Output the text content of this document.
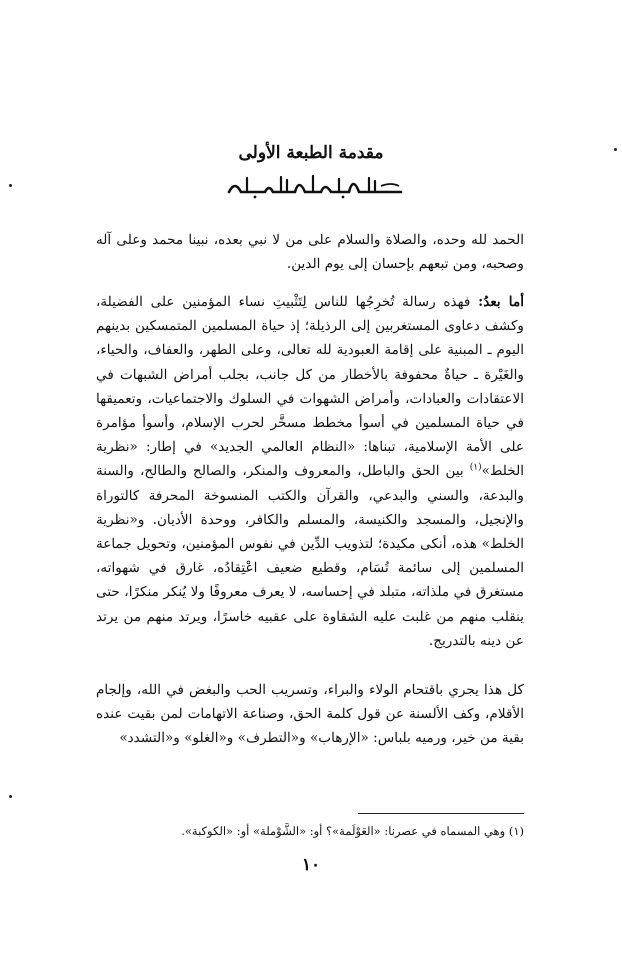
مقدمة الطبعة الأولى

الحمد لله وحده، والصلاة والسلام على من لا نبي بعده، نبينا محمد وعلى آله وصحبه، ومن تبعهم بإحسان إلى يوم الدين.

أما بعدُ: فهذه رسالة تُخرِجُها للناس لِتَثْبيتِ نساء المؤمنين على الفضيلة، وكشف دعاوى المستغربين إلى الرذيلة؛ إذ حياة المسلمين المتمسكين بدينهم اليوم ـ المبنية على إقامة العبودية لله تعالى، وعلى الطهر، والعفاف، والحياء، والغَيْرة ـ حياةٌ محفوفة بالأخطار من كل جانب، بجلب أمراض الشبهات في الاعتقادات والعبادات، وأمراض الشهوات في السلوك والاجتماعيات، وتعميقها في حياة المسلمين في أسوأ مخطط مسخَّر لحرب الإسلام، وأسوأ مؤامرة على الأمة الإسلامية، تبناها: «النظام العالمي الجديد» في إطار: «نظرية الخلط»$^{(١)}$ بين الحق والباطل، والمعروف والمنكر، والصالح والطالح، والسنة والبدعة، والسني والبدعي، والقرآن والكتب المنسوخة المحرفة كالتوراة والإنجيل، والمسجد والكنيسة، والمسلم والكافر، ووحدة الأديان. و«نظرية الخلط» هذه، أنكى مكيدة؛ لتذويب الدِّين في نفوس المؤمنين، وتحويل جماعة المسلمين إلى سائمة تُسَام، وقطيع ضعيف اعْتِقادُه، غارق في شهواته، مستغرق في ملذاته، متبلد في إحساسه، لا يعرف معروفًا ولا يُنكر منكرًا، حتى ينقلب منهم من غلبت عليه الشقاوة على عقبيه خاسرًا، ويرتد منهم من يرتد عن دينه بالتدريج.

كل هذا يجري باقتحام الولاء والبراء، وتسريب الحب والبغض في الله، وإلجام الأقلام، وكف الألسنة عن قول كلمة الحق، وصناعة الاتهامات لمن بقيت عنده بقية من خير، ورميه بلباس: «الإرهاب» و«التطرف» و«الغلو» و«التشدد»

(١) وهي المسماه في عصرنا: «العَوْلَمة»؟ أو: «الشَّوْملة» أو: «الكوكبة».

١٠
